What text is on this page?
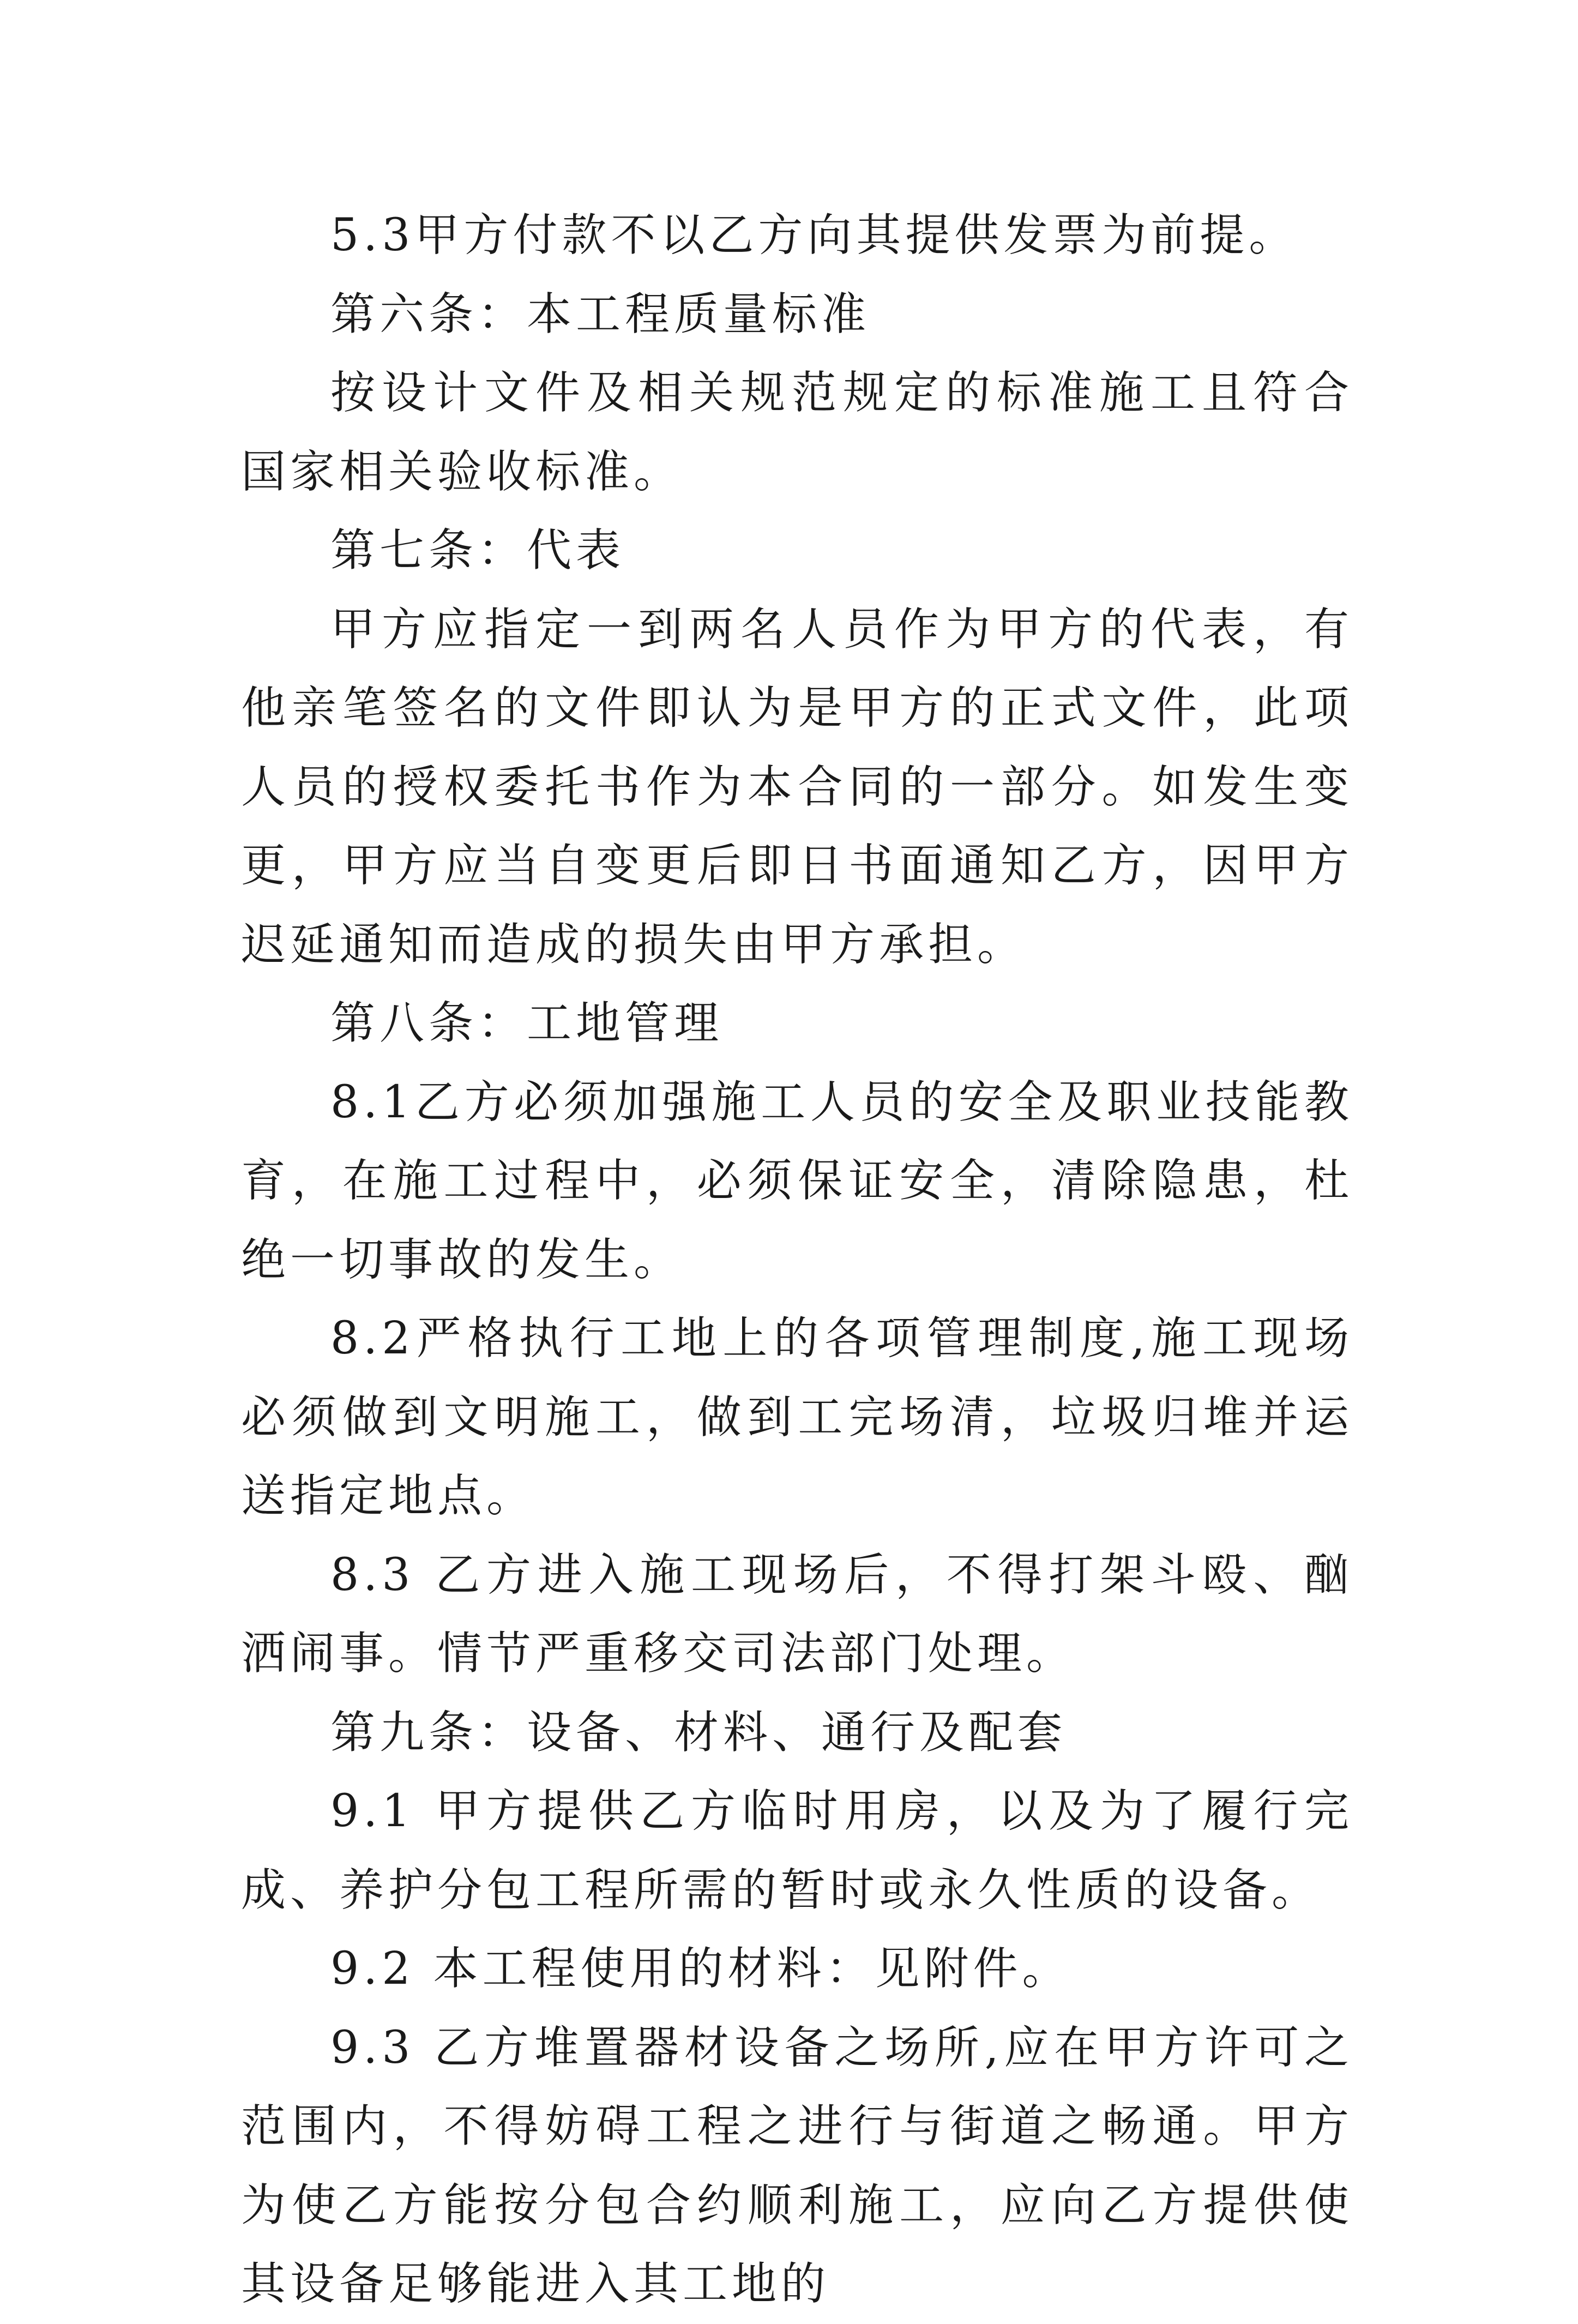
5.3甲方付款不以乙方向其提供发票为前提。

第六条：本工程质量标准

按设计文件及相关规范规定的标准施工且符合国家相关验收标准。

第七条：代表

甲方应指定一到两名人员作为甲方的代表，有他亲笔签名的文件即认为是甲方的正式文件，此项人员的授权委托书作为本合同的一部分。如发生变更，甲方应当自变更后即日书面通知乙方，因甲方迟延通知而造成的损失由甲方承担。

第八条：工地管理

8.1乙方必须加强施工人员的安全及职业技能教育，在施工过程中，必须保证安全，清除隐患，杜绝一切事故的发生。

8.2严格执行工地上的各项管理制度,施工现场必须做到文明施工，做到工完场清，垃圾归堆并运送指定地点。

8.3 乙方进入施工现场后，不得打架斗殴、酗洒闹事。情节严重移交司法部门处理。

第九条：设备、材料、通行及配套

9.1 甲方提供乙方临时用房，以及为了履行完成、养护分包工程所需的暂时或永久性质的设备。

9.2 本工程使用的材料：见附件。

9.3 乙方堆置器材设备之场所,应在甲方许可之范围内，不得妨碍工程之进行与街道之畅通。甲方为使乙方能按分包合约顺利施工，应向乙方提供使其设备足够能进入其工地的
